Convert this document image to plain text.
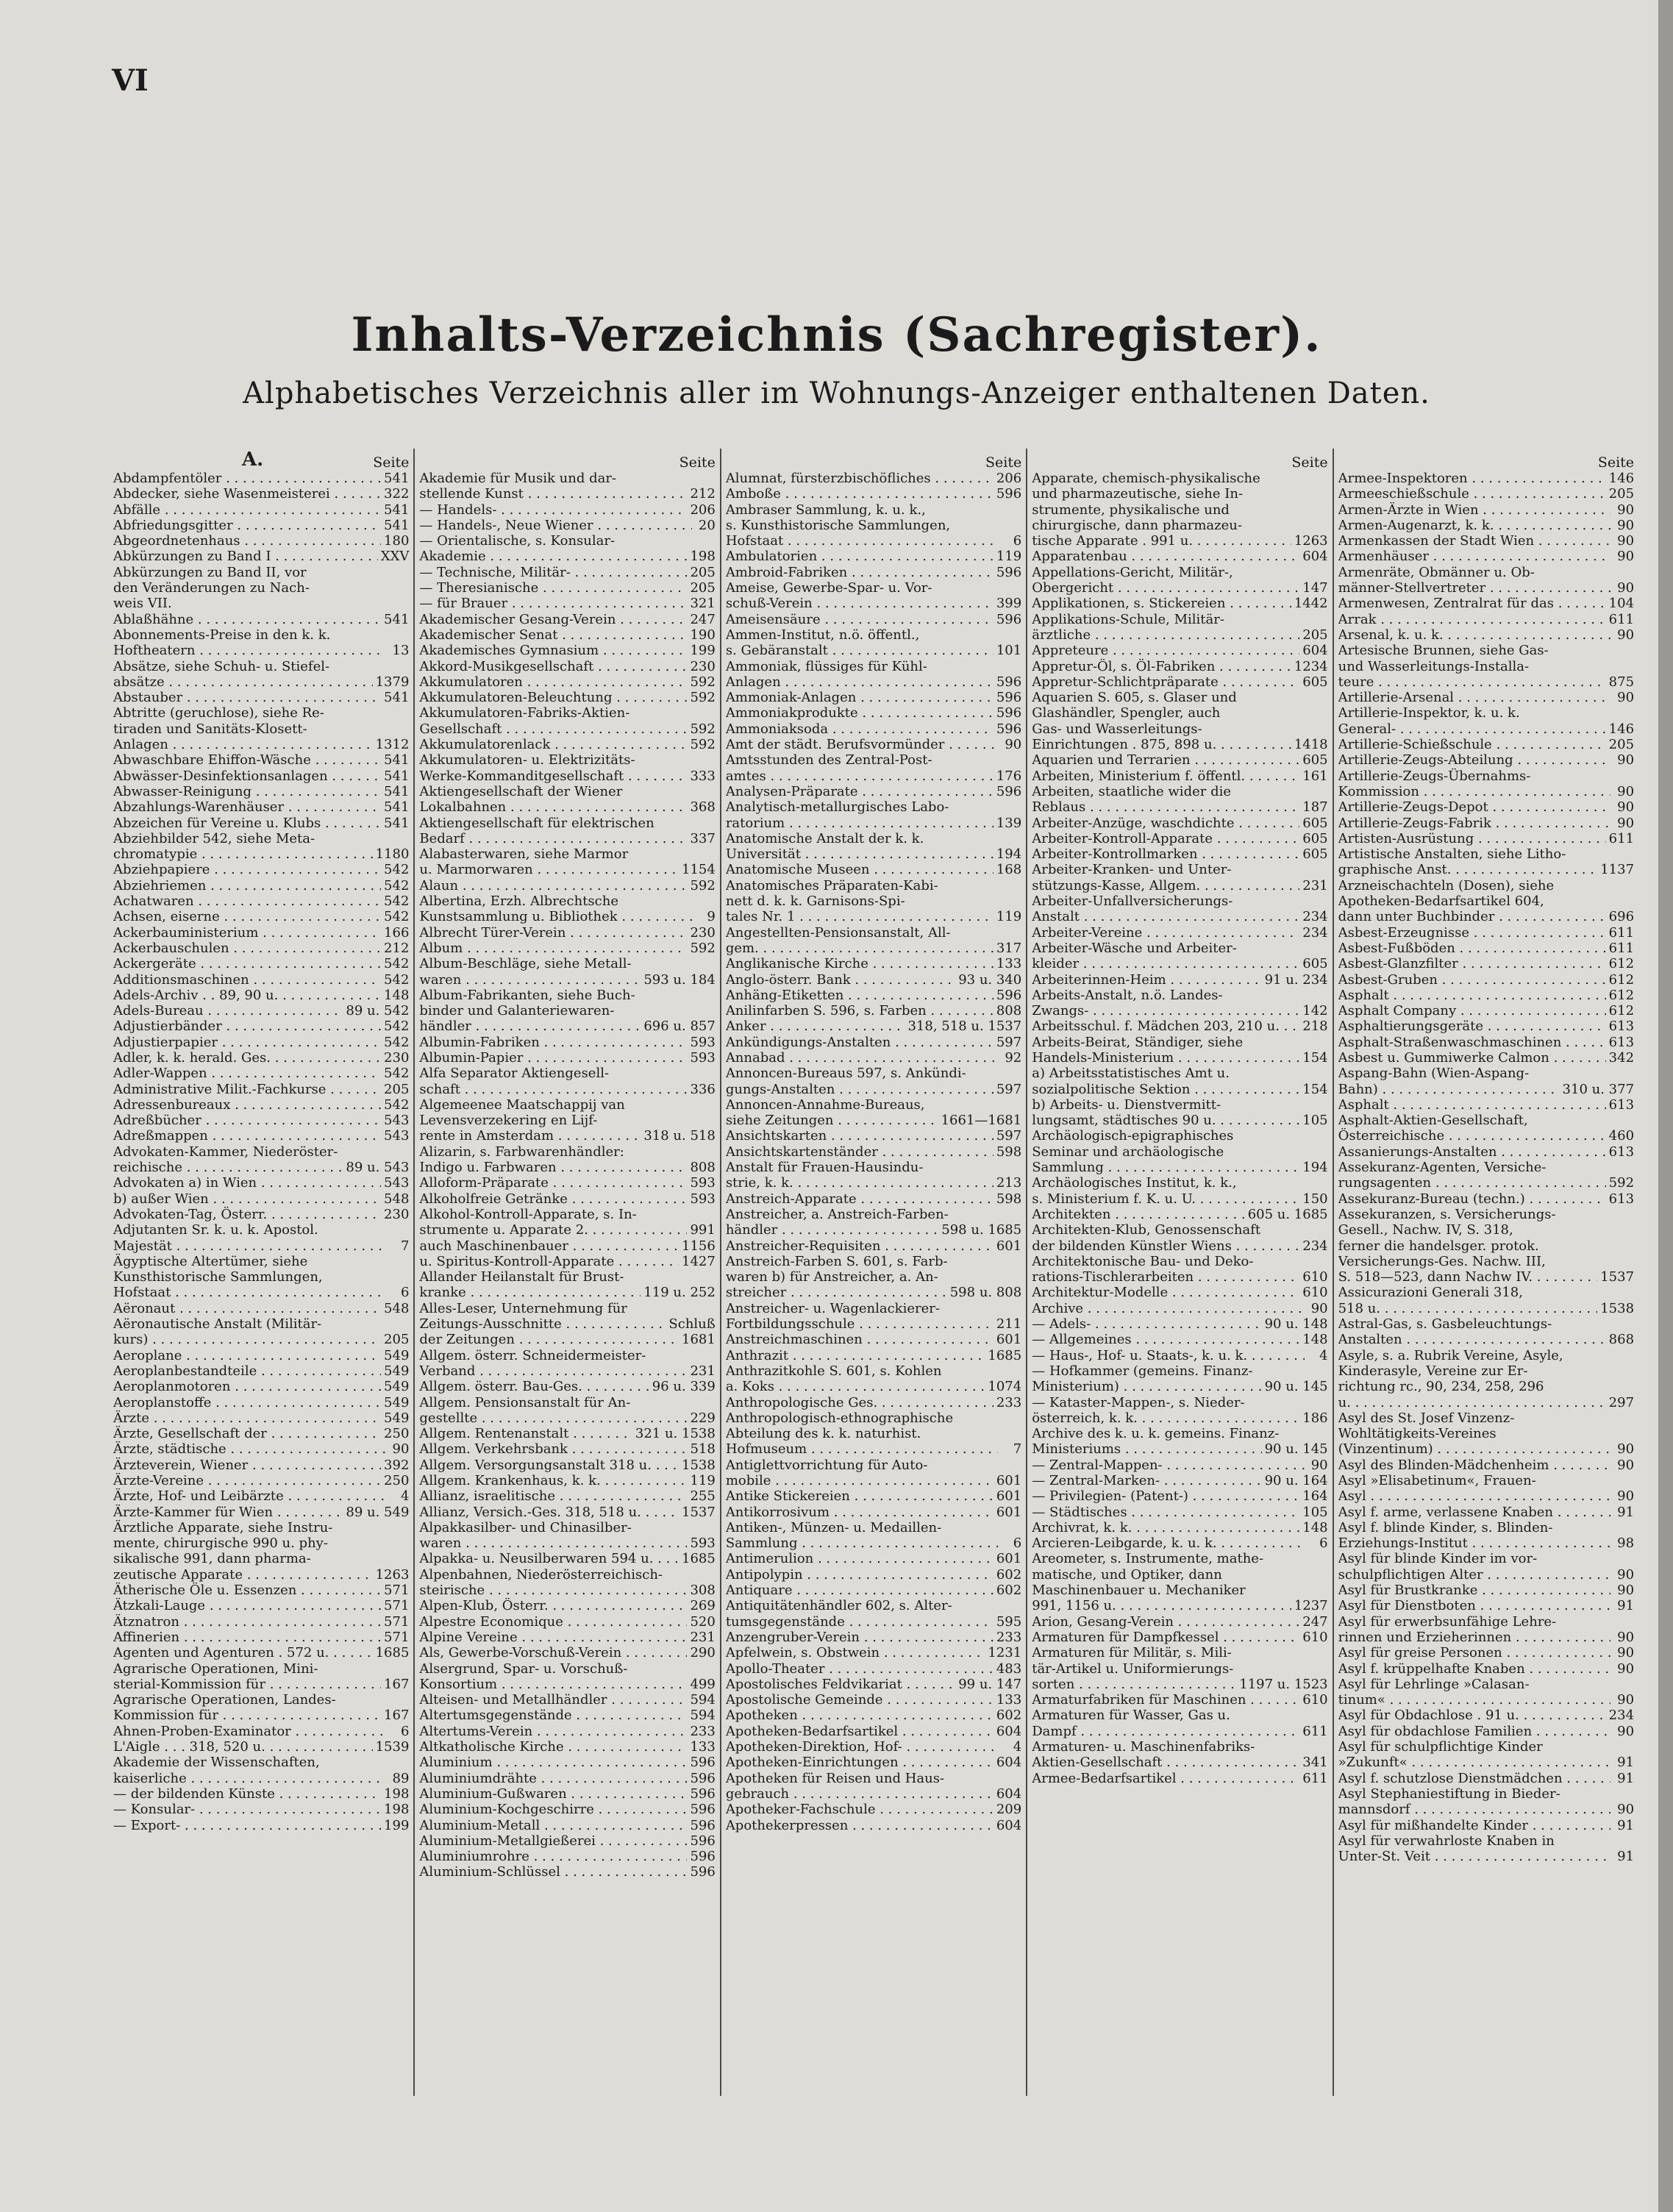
VI
Inhalts-Verzeichnis (Sachregister).
Alphabetisches Verzeichnis aller im Wohnungs-Anzeiger enthaltenen Daten.
A.	Seite
Abdampfentöler . . .	541
Abdecker, siehe Wasenmeisterei . . .	322
Abfälle . . .	541
Abfriedungsgitter . . .	541
Abgeordnetenhaus . . .	180
Abkürzungen zu Band I . . .	XXV
Abkürzungen zu Band II, vor
den Veränderungen zu Nach-
weis VII.
Ablaßhähne . . .	541
Abonnements-Preise in den k. k.
Hoftheatern . . .	13
Absätze, siehe Schuh- u. Stiefel-
absätze . . .	1379
Abstauber . . .	541
Abtritte (geruchlose), siehe Re-
tiraden und Sanitäts-Klosett-
Anlagen . . .	1312
Abwaschbare Ehiffon-Wäsche . . .	541
Abwässer-Desinfektionsanlagen . . .	541
Abwasser-Reinigung . . .	541
Abzahlungs-Warenhäuser . . .	541
Abzeichen für Vereine u. Klubs . . .	541
Abziehbilder 542, siehe Meta-
chromatypie . . .	1180
Abziehpapiere . . .	542
Abziehriemen . . .	542
Achatwaren . . .	542
Achsen, eiserne . . .	542
Ackerbauministerium . . .	166
Ackerbauschulen . . .	212
Ackergeräte . . .	542
Additionsmaschinen . . .	542
Adels-Archiv . . 89, 90 u. . . .	148
Adels-Bureau . . .	89 u. 542
Adjustierbänder . . .	542
Adjustierpapier . . .	542
Adler, k. k. herald. Ges. . . .	230
Adler-Wappen . . .	542
Administrative Milit.-Fachkurse . . .	205
Adressenbureaux . . .	542
Adreßbücher . . .	543
Adreßmappen . . .	543
Advokaten-Kammer, Niederöster-
reichische . . .	89 u. 543
Advokaten a) in Wien . . .	543
b) außer Wien . . .	548
Advokaten-Tag, Österr. . . .	230
Adjutanten Sr. k. u. k. Apostol.
Majestät . . .	7
Ägyptische Altertümer, siehe
Kunsthistorische Sammlungen,
Hofstaat . . .	6
Aëronaut . . .	548
Aëronautische Anstalt (Militär-
kurs) . . .	205
Aeroplane . . .	549
Aeroplanbestandteile . . .	549
Aeroplanmotoren . . .	549
Aeroplanstoffe . . .	549
Ärzte . . .	549
Ärzte, Gesellschaft der . . .	250
Ärzte, städtische . . .	90
Ärzteverein, Wiener . . .	392
Ärzte-Vereine . . .	250
Ärzte, Hof- und Leibärzte . . .	4
Ärzte-Kammer für Wien . . .	89 u. 549
Ärztliche Apparate, siehe Instru-
mente, chirurgische 990 u. phy-
sikalische 991, dann pharma-
zeutische Apparate . . .	1263
Ätherische Öle u. Essenzen . . .	571
Ätzkali-Lauge . . .	571
Ätznatron . . .	571
Affinerien . . .	571
Agenten und Agenturen . 572 u. . . .	1685
Agrarische Operationen, Mini-
sterial-Kommission für . . .	167
Agrarische Operationen, Landes-
Kommission für . . .	167
Ahnen-Proben-Examinator . . .	6
L'Aigle . . . 318, 520 u. . . .	1539
Akademie der Wissenschaften,
kaiserliche . . .	89
— der bildenden Künste . . .	198
— Konsular- . . .	198
— Export- . . .	199
Seite
Akademie für Musik und dar-
stellende Kunst . . .	212
— Handels- . . .	206
— Handels-, Neue Wiener . . .	20
— Orientalische, s. Konsular-
Akademie . . .	198
— Technische, Militär- . . .	205
— Theresianische . . .	205
— für Brauer . . .	321
Akademischer Gesang-Verein . . .	247
Akademischer Senat . . .	190
Akademisches Gymnasium . . .	199
Akkord-Musikgesellschaft . . .	230
Akkumulatoren . . .	592
Akkumulatoren-Beleuchtung . . .	592
Akkumulatoren-Fabriks-Aktien-
Gesellschaft . . .	592
Akkumulatorenlack . . .	592
Akkumulatoren- u. Elektrizitäts-
Werke-Kommanditgesellschaft . . .	333
Aktiengesellschaft der Wiener
Lokalbahnen . . .	368
Aktiengesellschaft für elektrischen
Bedarf . . .	337
Alabasterwaren, siehe Marmor
u. Marmorwaren . . .	1154
Alaun . . .	592
Albertina, Erzh. Albrechtsche
Kunstsammlung u. Bibliothek . . .	9
Albrecht Türer-Verein . . .	230
Album . . .	592
Album-Beschläge, siehe Metall-
waren . . .	593 u. 184
Album-Fabrikanten, siehe Buch-
binder und Galanteriewaren-
händler . . .	696 u. 857
Albumin-Fabriken . . .	593
Albumin-Papier . . .	593
Alfa Separator Aktiengesell-
schaft . . .	336
Algemeenee Maatschappij van
Levensverzekering en Lijf-
rente in Amsterdam . . .	318 u. 518
Alizarin, s. Farbwarenhändler:
Indigo u. Farbwaren . . .	808
Alloform-Präparate . . .	593
Alkoholfreie Getränke . . .	593
Alkohol-Kontroll-Apparate, s. In-
strumente u. Apparate 2. . . .	991
auch Maschinenbauer . . .	1156
u. Spiritus-Kontroll-Apparate . . .	1427
Allander Heilanstalt für Brust-
kranke . . .	119 u. 252
Alles-Leser, Unternehmung für
Zeitungs-Ausschnitte . . .	Schluß
der Zeitungen . . .	1681
Allgem. österr. Schneidermeister-
Verband . . .	231
Allgem. österr. Bau-Ges. . . .	96 u. 339
Allgem. Pensionsanstalt für An-
gestellte . . .	229
Allgem. Rentenanstalt . . .	321 u. 1538
Allgem. Verkehrsbank . . .	518
Allgem. Versorgungsanstalt 318 u. . . .	1538
Allgem. Krankenhaus, k. k. . . .	119
Allianz, israelitische . . .	255
Allianz, Versich.-Ges. 318, 518 u. . . .	1537
Alpakkasilber- und Chinasilber-
waren . . .	593
Alpakka- u. Neusilberwaren 594 u. . . .	1685
Alpenbahnen, Niederösterreichisch-
steirische . . .	308
Alpen-Klub, Österr. . . .	269
Alpestre Economique . . .	520
Alpine Vereine . . .	231
Als, Gewerbe-Vorschuß-Verein . . .	290
Alsergrund, Spar- u. Vorschuß-
Konsortium . . .	499
Alteisen- und Metallhändler . . .	594
Altertumsgegenstände . . .	594
Altertums-Verein . . .	233
Altkatholische Kirche . . .	133
Aluminium . . .	596
Aluminiumdrähte . . .	596
Aluminium-Gußwaren . . .	596
Aluminium-Kochgeschirre . . .	596
Aluminium-Metall . . .	596
Aluminium-Metallgießerei . . .	596
Aluminiumrohre . . .	596
Aluminium-Schlüssel . . .	596
Seite
Alumnat, fürsterzbischöfliches . . .	206
Amboße . . .	596
Ambraser Sammlung, k. u. k.,
s. Kunsthistorische Sammlungen,
Hofstaat . . .	6
Ambulatorien . . .	119
Ambroid-Fabriken . . .	596
Ameise, Gewerbe-Spar- u. Vor-
schuß-Verein . . .	399
Ameisensäure . . .	596
Ammen-Institut, n.ö. öffentl.,
s. Gebäranstalt . . .	101
Ammoniak, flüssiges für Kühl-
Anlagen . . .	596
Ammoniak-Anlagen . . .	596
Ammoniakprodukte . . .	596
Ammoniaksoda . . .	596
Amt der städt. Berufsvormünder . . .	90
Amtsstunden des Zentral-Post-
amtes . . .	176
Analysen-Präparate . . .	596
Analytisch-metallurgisches Labo-
ratorium . . .	139
Anatomische Anstalt der k. k.
Universität . . .	194
Anatomische Museen . . .	168
Anatomisches Präparaten-Kabi-
nett d. k. k. Garnisons-Spi-
tales Nr. 1 . . .	119
Angestellten-Pensionsanstalt, All-
gem. . . .	317
Anglikanische Kirche . . .	133
Anglo-österr. Bank . . .	93 u. 340
Anhäng-Etiketten . . .	596
Anilinfarben S. 596, s. Farben . . .	808
Anker . . .	318, 518 u. 1537
Ankündigungs-Anstalten . . .	597
Annabad . . .	92
Annoncen-Bureaus 597, s. Ankündi-
gungs-Anstalten . . .	597
Annoncen-Annahme-Bureaus,
siehe Zeitungen . . .	1661—1681
Ansichtskarten . . .	597
Ansichtskartenständer . . .	598
Anstalt für Frauen-Hausindu-
strie, k. k. . . .	213
Anstreich-Apparate . . .	598
Anstreicher, a. Anstreich-Farben-
händler . . .	598 u. 1685
Anstreicher-Requisiten . . .	601
Anstreich-Farben S. 601, s. Farb-
waren b) für Anstreicher, a. An-
streicher . . .	598 u. 808
Anstreicher- u. Wagenlackierer-
Fortbildungsschule . . .	211
Anstreichmaschinen . . .	601
Anthrazit . . .	1685
Anthrazitkohle S. 601, s. Kohlen
a. Koks . . .	1074
Anthropologische Ges. . . .	233
Anthropologisch-ethnographische
Abteilung des k. k. naturhist.
Hofmuseum . . .	7
Antiglettvorrichtung für Auto-
mobile . . .	601
Antike Stickereien . . .	601
Antikorrosivum . . .	601
Antiken-, Münzen- u. Medaillen-
Sammlung . . .	6
Antimerulion . . .	601
Antipolypin . . .	602
Antiquare . . .	602
Antiquitätenhändler 602, s. Alter-
tumsgegenstände . . .	595
Anzengruber-Verein . . .	233
Apfelwein, s. Obstwein . . .	1231
Apollo-Theater . . .	483
Apostolisches Feldvikariat . . .	99 u. 147
Apostolische Gemeinde . . .	133
Apotheken . . .	602
Apotheken-Bedarfsartikel . . .	604
Apotheken-Direktion, Hof- . . .	4
Apotheken-Einrichtungen . . .	604
Apotheken für Reisen und Haus-
gebrauch . . .	604
Apotheker-Fachschule . . .	209
Apothekerpressen . . .	604
Seite
Apparate, chemisch-physikalische
und pharmazeutische, siehe In-
strumente, physikalische und
chirurgische, dann pharmazeu-
tische Apparate . 991 u. . . .	1263
Apparatenbau . . .	604
Appellations-Gericht, Militär-,
Obergericht . . .	147
Applikationen, s. Stickereien . . .	1442
Applikations-Schule, Militär-
ärztliche . . .	205
Appreteure . . .	604
Appretur-Öl, s. Öl-Fabriken . . .	1234
Appretur-Schlichtpräparate . . .	605
Aquarien S. 605, s. Glaser und
Glashändler, Spengler, auch
Gas- und Wasserleitungs-
Einrichtungen . 875, 898 u. . . .	1418
Aquarien und Terrarien . . .	605
Arbeiten, Ministerium f. öffentl. . . .	161
Arbeiten, staatliche wider die
Reblaus . . .	187
Arbeiter-Anzüge, waschdichte . . .	605
Arbeiter-Kontroll-Apparate . . .	605
Arbeiter-Kontrollmarken . . .	605
Arbeiter-Kranken- und Unter-
stützungs-Kasse, Allgem. . . .	231
Arbeiter-Unfallversicherungs-
Anstalt . . .	234
Arbeiter-Vereine . . .	234
Arbeiter-Wäsche und Arbeiter-
kleider . . .	605
Arbeiterinnen-Heim . . .	91 u. 234
Arbeits-Anstalt, n.ö. Landes-
Zwangs- . . .	142
Arbeitsschul. f. Mädchen 203, 210 u. . . .	218
Arbeits-Beirat, Ständiger, siehe
Handels-Ministerium . . .	154
a) Arbeitsstatistisches Amt u.
sozialpolitische Sektion . . .	154
b) Arbeits- u. Dienstvermitt-
lungsamt, städtisches 90 u. . . .	105
Archäologisch-epigraphisches
Seminar und archäologische
Sammlung . . .	194
Archäologisches Institut, k. k.,
s. Ministerium f. K. u. U. . . .	150
Architekten . . .	605 u. 1685
Architekten-Klub, Genossenschaft
der bildenden Künstler Wiens . . .	234
Architektonische Bau- und Deko-
rations-Tischlerarbeiten . . .	610
Architektur-Modelle . . .	610
Archive . . .	90
— Adels- . . .	90 u. 148
— Allgemeines . . .	148
— Haus-, Hof- u. Staats-, k. u. k. . . .	4
— Hofkammer (gemeins. Finanz-
Ministerium) . . .	90 u. 145
— Kataster-Mappen-, s. Nieder-
österreich, k. k. . . .	186
Archive des k. u. k. gemeins. Finanz-
Ministeriums . . .	90 u. 145
— Zentral-Mappen- . . .	90
— Zentral-Marken- . . .	90 u. 164
— Privilegien- (Patent-) . . .	164
— Städtisches . . .	105
Archivrat, k. k. . . .	148
Arcieren-Leibgarde, k. u. k. . . .	6
Areometer, s. Instrumente, mathe-
matische, und Optiker, dann
Maschinenbauer u. Mechaniker
991, 1156 u. . . .	1237
Arion, Gesang-Verein . . .	247
Armaturen für Dampfkessel . . .	610
Armaturen für Militär, s. Mili-
tär-Artikel u. Uniformierungs-
sorten . . .	1197 u. 1523
Armaturfabriken für Maschinen . . .	610
Armaturen für Wasser, Gas u.
Dampf . . .	611
Armaturen- u. Maschinenfabriks-
Aktien-Gesellschaft . . .	341
Armee-Bedarfsartikel . . .	611
Seite
Armee-Inspektoren . . .	146
Armeeschießschule . . .	205
Armen-Ärzte in Wien . . .	90
Armen-Augenarzt, k. k. . . .	90
Armenkassen der Stadt Wien . . .	90
Armenhäuser . . .	90
Armenräte, Obmänner u. Ob-
männer-Stellvertreter . . .	90
Armenwesen, Zentralrat für das . . .	104
Arrak . . .	611
Arsenal, k. u. k. . . .	90
Artesische Brunnen, siehe Gas-
und Wasserleitungs-Installa-
teure . . .	875
Artillerie-Arsenal . . .	90
Artillerie-Inspektor, k. u. k.
General- . . .	146
Artillerie-Schießschule . . .	205
Artillerie-Zeugs-Abteilung . . .	90
Artillerie-Zeugs-Übernahms-
Kommission . . .	90
Artillerie-Zeugs-Depot . . .	90
Artillerie-Zeugs-Fabrik . . .	90
Artisten-Ausrüstung . . .	611
Artistische Anstalten, siehe Litho-
graphische Anst. . . .	1137
Arzneischachteln (Dosen), siehe
Apotheken-Bedarfsartikel 604,
dann unter Buchbinder . . .	696
Asbest-Erzeugnisse . . .	611
Asbest-Fußböden . . .	611
Asbest-Glanzfilter . . .	612
Asbest-Gruben . . .	612
Asphalt . . .	612
Asphalt Company . . .	612
Asphaltierungsgeräte . . .	613
Asphalt-Straßenwaschmaschinen . . .	613
Asbest u. Gummiwerke Calmon . . .	342
Aspang-Bahn (Wien-Aspang-
Bahn) . . .	310 u. 377
Asphalt . . .	613
Asphalt-Aktien-Gesellschaft,
Österreichische . . .	460
Assanierungs-Anstalten . . .	613
Assekuranz-Agenten, Versiche-
rungsagenten . . .	592
Assekuranz-Bureau (techn.) . . .	613
Assekuranzen, s. Versicherungs-
Gesell., Nachw. IV, S. 318,
ferner die handelsger. protok.
Versicherungs-Ges. Nachw. III,
S. 518—523, dann Nachw IV. . . .	1537
Assicurazioni Generali 318,
518 u. . . .	1538
Astral-Gas, s. Gasbeleuchtungs-
Anstalten . . .	868
Asyle, s. a. Rubrik Vereine, Asyle,
Kinderasyle, Vereine zur Er-
richtung rc., 90, 234, 258, 296
u. . . .	297
Asyl des St. Josef Vinzenz-
Wohltätigkeits-Vereines
(Vinzentinum) . . .	90
Asyl des Blinden-Mädchenheim . . .	90
Asyl »Elisabetinum«, Frauen-
Asyl . . .	90
Asyl f. arme, verlassene Knaben . . .	91
Asyl f. blinde Kinder, s. Blinden-
Erziehungs-Institut . . .	98
Asyl für blinde Kinder im vor-
schulpflichtigen Alter . . .	90
Asyl für Brustkranke . . .	90
Asyl für Dienstboten . . .	91
Asyl für erwerbsunfähige Lehre-
rinnen und Erzieherinnen . . .	90
Asyl für greise Personen . . .	90
Asyl f. krüppelhafte Knaben . . .	90
Asyl für Lehrlinge »Calasan-
tinum« . . .	90
Asyl für Obdachlose . 91 u. . . .	234
Asyl für obdachlose Familien . . .	90
Asyl für schulpflichtige Kinder
»Zukunft« . . .	91
Asyl f. schutzlose Dienstmädchen . . .	91
Asyl Stephaniestiftung in Bieder-
mannsdorf . . .	90
Asyl für mißhandelte Kinder . . .	91
Asyl für verwahrloste Knaben in
Unter-St. Veit . . .	91
